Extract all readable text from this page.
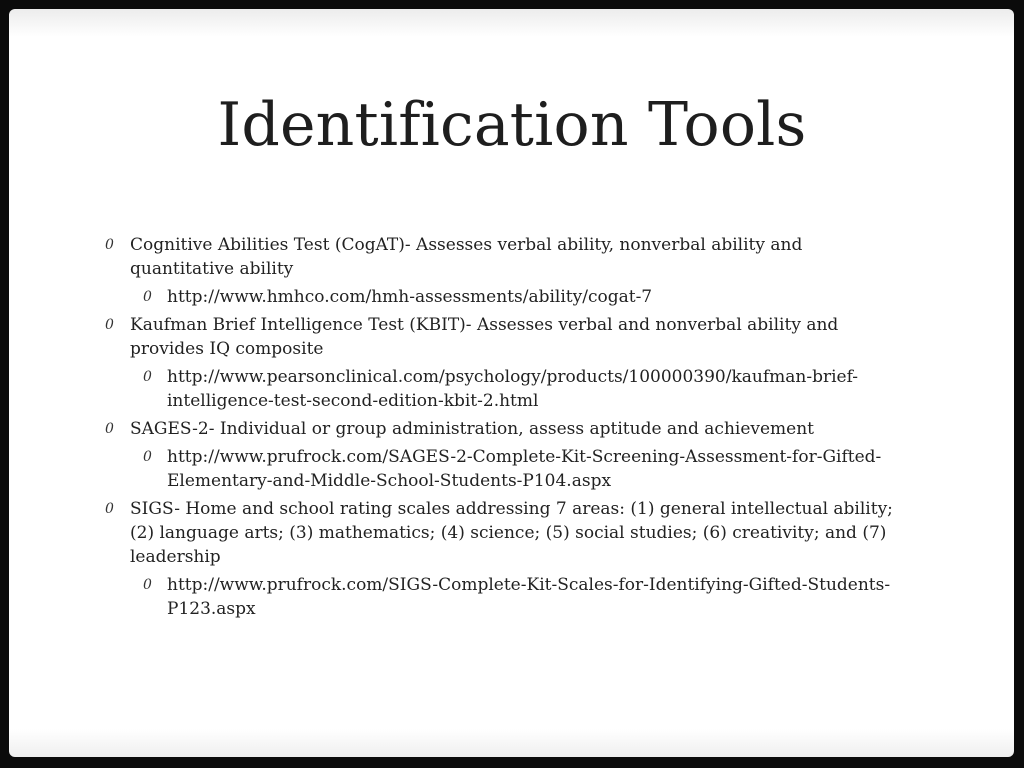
Identification Tools
0 Cognitive Abilities Test (CogAT)- Assesses verbal ability, nonverbal ability and quantitative ability
0 http://www.hmhco.com/hmh-assessments/ability/cogat-7
0 Kaufman Brief Intelligence Test (KBIT)- Assesses verbal and nonverbal ability and provides IQ composite
0 http://www.pearsonclinical.com/psychology/products/100000390/kaufman-brief-intelligence-test-second-edition-kbit-2.html
0 SAGES-2- Individual or group administration, assess aptitude and achievement
0 http://www.prufrock.com/SAGES-2-Complete-Kit-Screening-Assessment-for-Gifted-Elementary-and-Middle-School-Students-P104.aspx
0 SIGS- Home and school rating scales addressing 7 areas: (1) general intellectual ability; (2) language arts; (3) mathematics; (4) science; (5) social studies; (6) creativity; and (7) leadership
0 http://www.prufrock.com/SIGS-Complete-Kit-Scales-for-Identifying-Gifted-Students-P123.aspx
